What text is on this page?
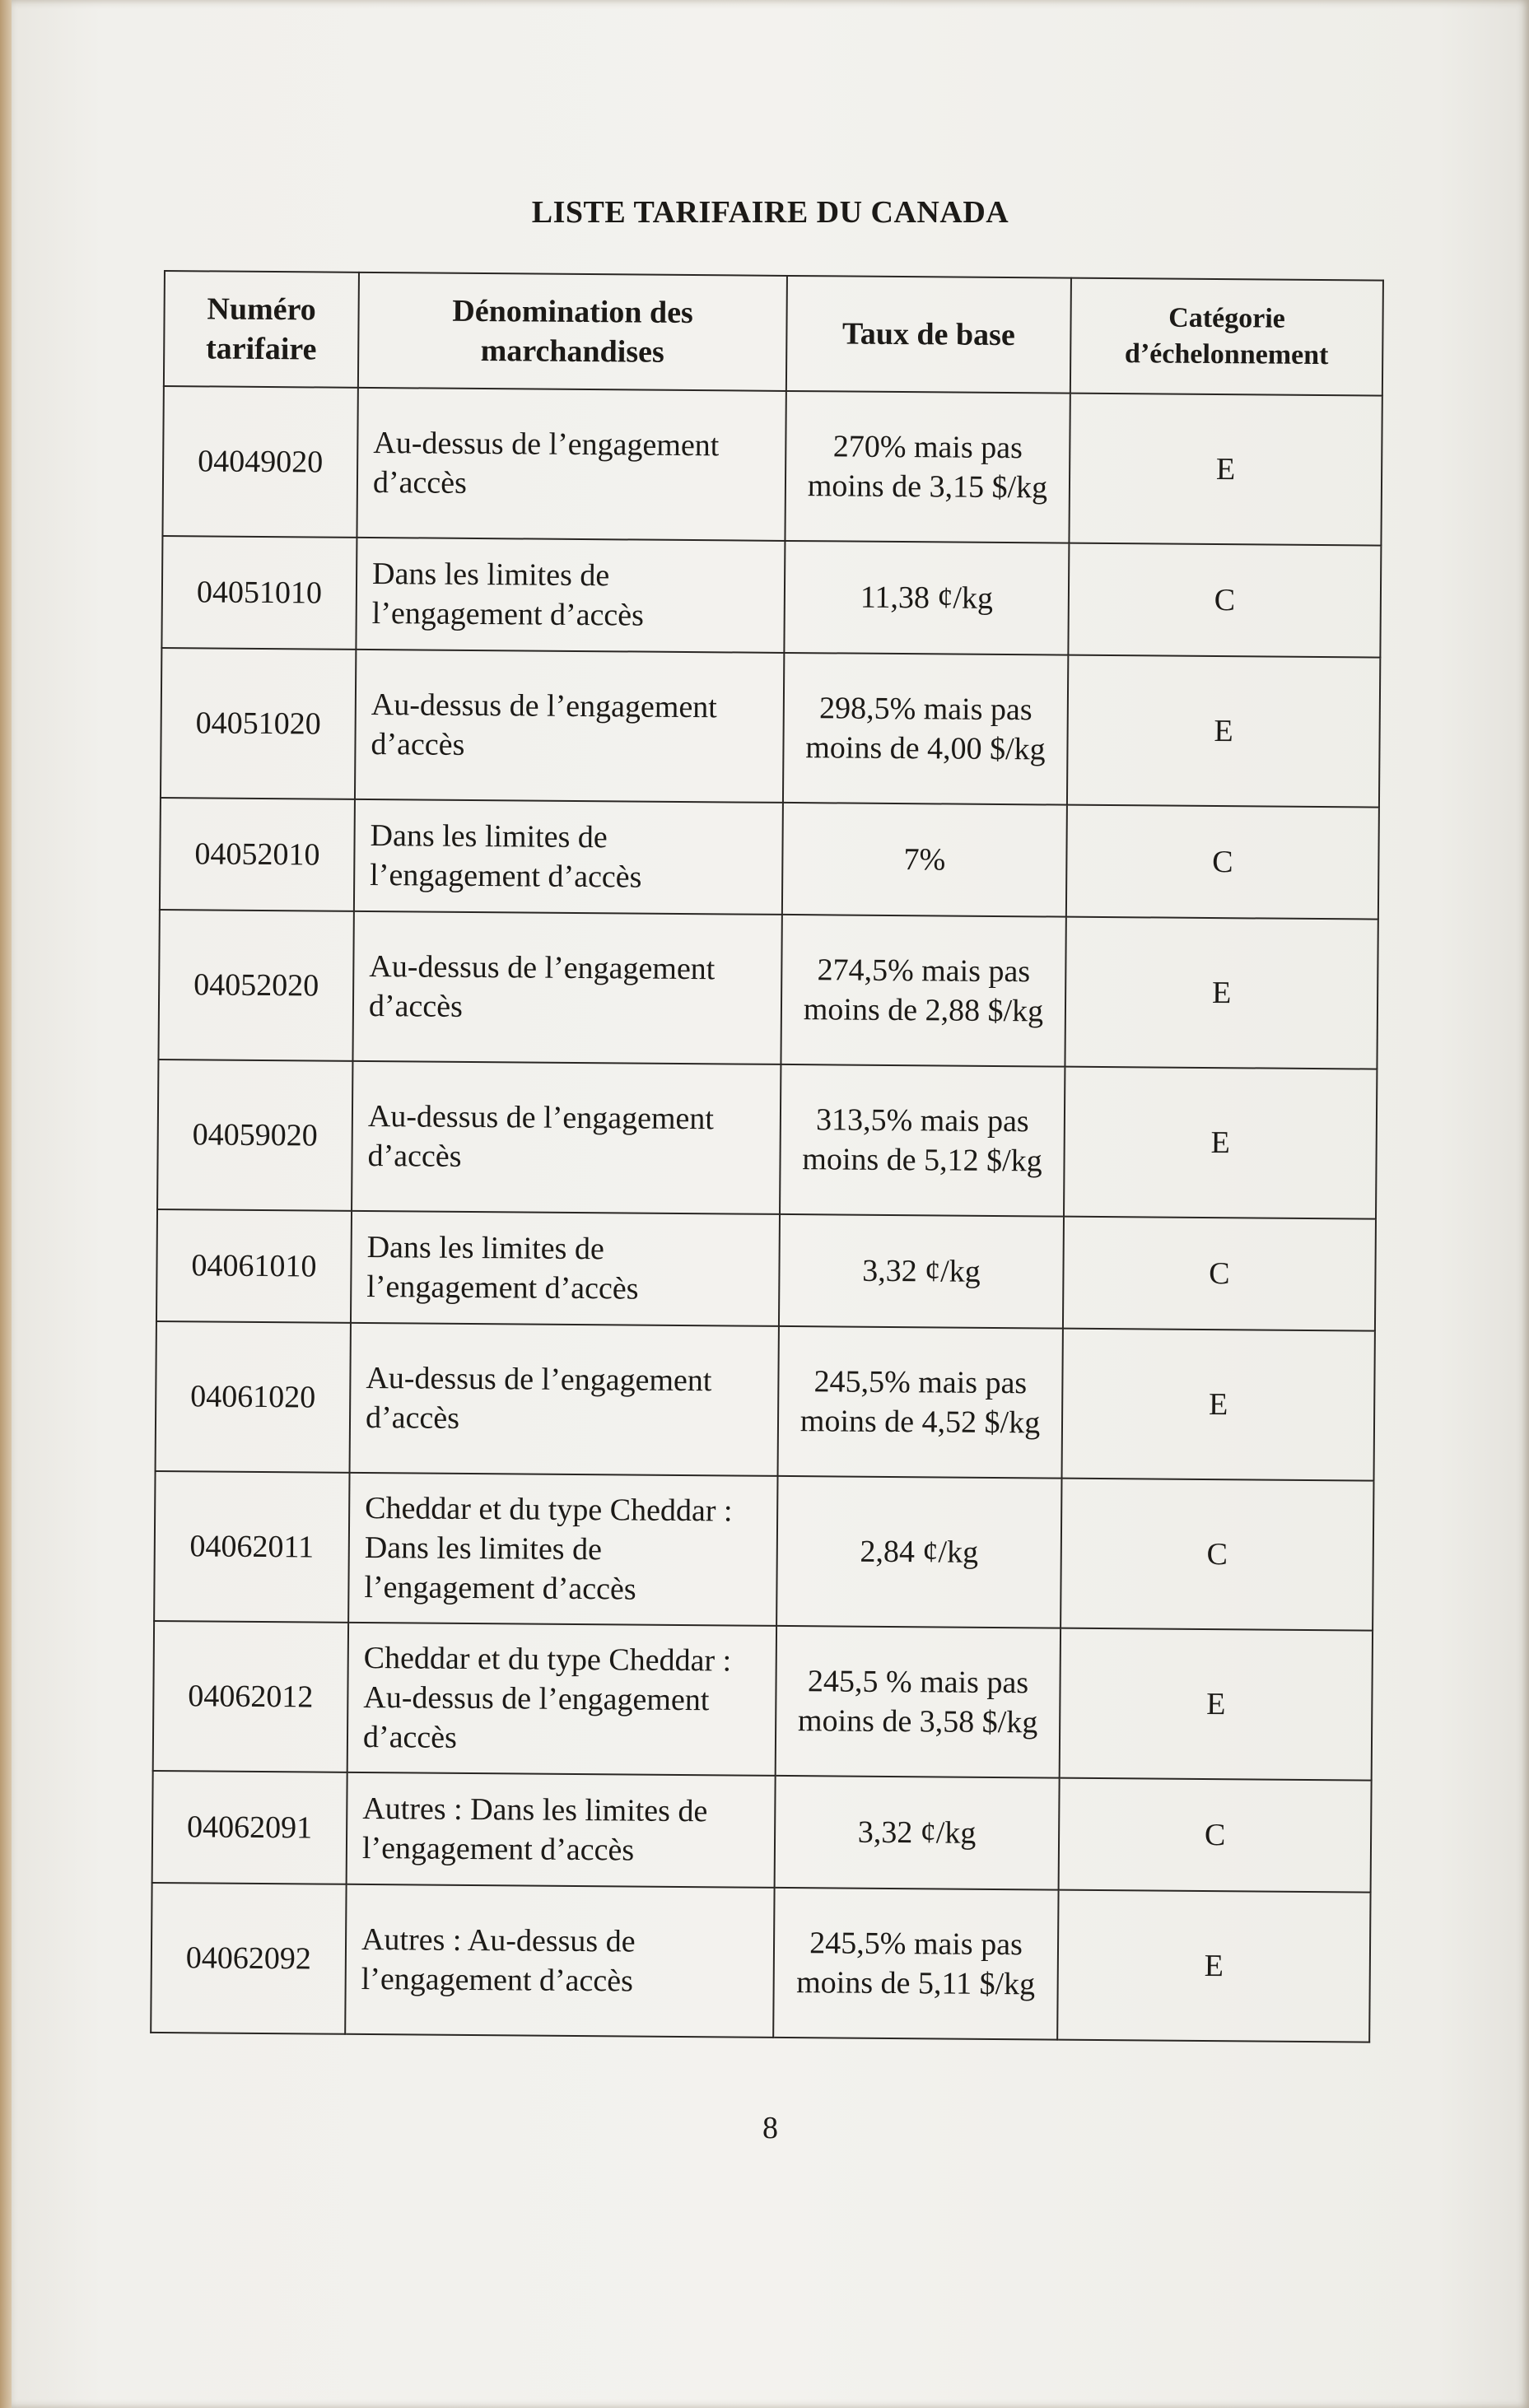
LISTE TARIFAIRE DU CANADA
Numéro tarifaire	Dénomination des marchandises	Taux de base	Catégorie d’échelonnement
04049020	Au-dessus de l’engagement d’accès	270% mais pas moins de 3,15 $/kg	E
04051010	Dans les limites de l’engagement d’accès	11,38 ¢/kg	C
04051020	Au-dessus de l’engagement d’accès	298,5% mais pas moins de 4,00 $/kg	E
04052010	Dans les limites de l’engagement d’accès	7%	C
04052020	Au-dessus de l’engagement d’accès	274,5% mais pas moins de 2,88 $/kg	E
04059020	Au-dessus de l’engagement d’accès	313,5% mais pas moins de 5,12 $/kg	E
04061010	Dans les limites de l’engagement d’accès	3,32 ¢/kg	C
04061020	Au-dessus de l’engagement d’accès	245,5% mais pas moins de 4,52 $/kg	E
04062011	Cheddar et du type Cheddar : Dans les limites de l’engagement d’accès	2,84 ¢/kg	C
04062012	Cheddar et du type Cheddar : Au-dessus de l’engagement d’accès	245,5 % mais pas moins de 3,58 $/kg	E
04062091	Autres : Dans les limites de l’engagement d’accès	3,32 ¢/kg	C
04062092	Autres : Au-dessus de l’engagement d’accès	245,5% mais pas moins de 5,11 $/kg	E
8
